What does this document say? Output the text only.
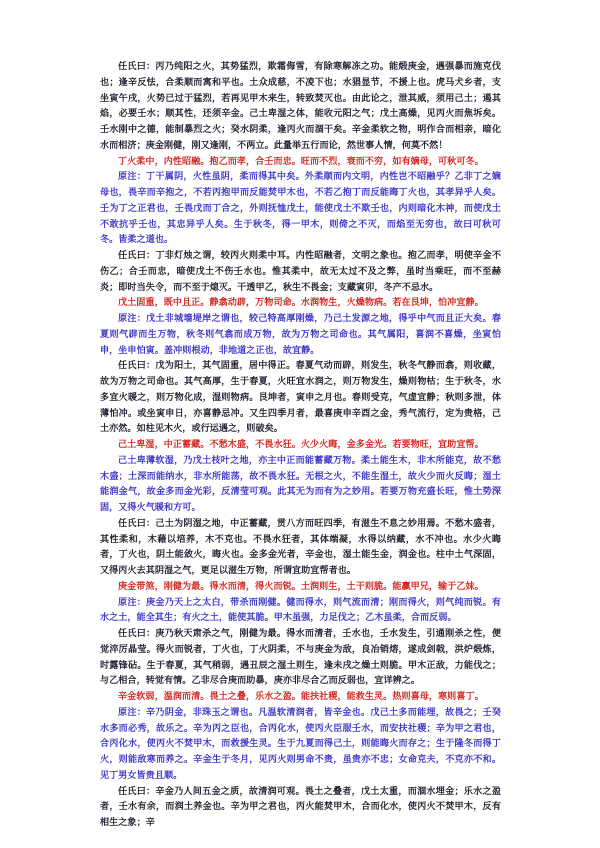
任氏曰：丙乃纯阳之火，其势猛烈，欺霜侮雪，有除寒解冻之功。能煅庚金，遇强暴而施克伐也；逢辛反怯，合柔顺而寓和平也。土众成慈，不凌下也；水猖显节，不援上也。虎马犬乡者，支坐寅午戌，火势已过于猛烈，若再见甲木来生，转致焚灭也。由此论之，泄其威，须用己土；遏其焰，必要壬水；顺其性，还须辛金。己土卑湿之体，能收元阳之气；戊土高燥，见丙火而焦坼矣。壬水刚中之德，能制暴烈之火；癸水阴柔，逢丙火而涸干矣。辛金柔软之物，明作合而相亲，暗化水而相济；庚金刚健，刚又逢刚，不两立。此量举五行而论，然世事人情，何莫不然！

丁火柔中，内性昭融。抱乙而孝，合壬而忠。旺而不烈，衰而不穷，如有嫡母，可秋可冬。

原注：丁干属阴，火性虽阴，柔而得其中矣。外柔顺而内文明，内性岂不昭融乎？乙非丁之嫡母也，畏辛而辛抱之，不若丙抱甲而反能焚甲木也，不若乙抱丁而反能晦丁火也，其孝异乎人矣。壬为丁之正君也，壬畏戊而丁合之，外则抚恤戊土，能使戊土不欺壬也，内则暗化木神，而使戊土不敢抗乎壬也，其忠异乎人矣。生于秋冬，得一甲木，则倚之不灭，而焰至无穷也，故曰可秋可冬。皆柔之道也。

任氏曰：丁非灯烛之谓，较丙火则柔中耳。内性昭融者，文明之象也。抱乙而孝，明使辛金不伤乙；合壬而忠，暗使戊土不伤壬水也。惟其柔中，故无太过不及之弊，虽时当乘旺，而不至赫炎；即时当失令，而不至于熄灭。干透甲乙，秋生不畏金；支藏寅卯，冬产不忌水。

戊土固重，既中且正。静翕动辟，万物司命。水润物生，火燥物病。若在艮坤，怕冲宜静。

原注：戊土非城墙堤岸之谓也，较己特高厚刚燥，乃己土发源之地，得乎中气而且正大矣。春夏则气辟而生万物，秋冬则气翕而成万物，故为万物之司命也。其气属阳，喜润不喜燥，坐寅怕申，坐申怕寅。盖冲则根动，非地道之正也，故宜静。

任氏曰：戊为阳土，其气固重，居中得正。春夏气动而辟，则发生，秋冬气静而翕，则收藏，故为万物之司命也。其气高厚，生于春夏，火旺宜水润之，则万物发生，燥则物枯；生于秋冬，水多宜火暖之，则万物化成，湿则物病。艮坤者，寅申之月也。春则受克，气虚宜静；秋则多泄，体薄怕冲。或坐寅申日，亦喜静忌冲。又生四季月者，最喜庚申辛酉之金，秀气流行，定为贵格，己土亦然。如柱见木火，或行运遇之，则破矣。

己土卑湿，中正蓄藏。不愁木盛，不畏水狂。火少火晦，金多金光。若要物旺，宜助宜帮。

己土卑薄软湿，乃戊土枝叶之地，亦主中正而能蓄藏万物。柔土能生木，非木所能克，故不愁木盛；土深而能纳水，非水所能荡，故不畏水狂。无根之火，不能生湿土，故火少而火反晦；湿土能润金气，故金多而金光彩，反清莹可观。此其无为而有为之妙用。若要万物充盛长旺，惟土势深固，又得火气暖和方可。

任氏曰：己土为阴湿之地，中正蓄藏，贯八方而旺四季，有滋生不息之妙用焉。不愁木盛者，其性柔和，木藉以培养，木不克也。不畏水狂者，其体端凝，水得以纳藏，水不冲也。水少火晦者，丁火也，阴土能敛火，晦火也。金多金光者，辛金也，湿土能生金，润金也。柱中土气深固，又得丙火去其阴湿之气，更足以滋生万物，所谓宜助宜帮者也。

庚金带煞，刚健为最。得水而清，得火而锐。土润则生，土干则脆。能赢甲兄，输于乙妹。

原注：庚金乃天上之太白，带杀而刚健。健而得水，则气流而清；刚而得火，则气纯而锐。有水之土，能全其生；有火之土，能使其脆。甲木虽强，力足伐之；乙木虽柔，合而反弱。

任氏曰：庚乃秋天肃杀之气，刚健为最。得水而清者，壬水也，壬水发生，引通刚杀之性，便觉淬厉晶莹。得火而锐者，丁火也，丁火阴柔，不与庚金为敌，良冶销熔，遂成剑戟，洪炉煅炼，时露锋砧。生于春夏，其气稍弱，遇丑辰之湿土则生，逢未戌之燥土则脆。甲木正敌，力能伐之；与乙相合，转觉有情。乙非尽合庚而助暴，庚亦非尽合乙而反弱也，宜详辨之。

辛金软弱，温润而清。畏土之叠，乐水之盈。能扶社稷，能救生灵。热则喜母，寒则喜丁。

原注：辛乃阴金，非珠玉之谓也。凡温软清润者，皆辛金也。戊己土多而能埋，故畏之；壬癸水多而必秀，故乐之。辛为丙之臣也，合丙化水，使丙火臣服壬水，而安扶社稷；辛为甲之君也，合丙化水，使丙火不焚甲木，而救援生灵。生于九夏而得己土，则能晦火而存之；生于隆冬而得丁火，则能敌寒而养之。辛金生于冬月，见丙火则男命不贵，虽贵亦不忠；女命克夫，不克亦不和。见丁男女皆贵且顺。

任氏曰：辛金乃人间五金之质，故清润可观。畏土之叠者，戊土太重，而涸水埋金；乐水之盈者，壬水有余，而润土养金也。辛为甲之君也，丙火能焚甲木，合而化水，使丙火不焚甲木，反有相生之象；辛
